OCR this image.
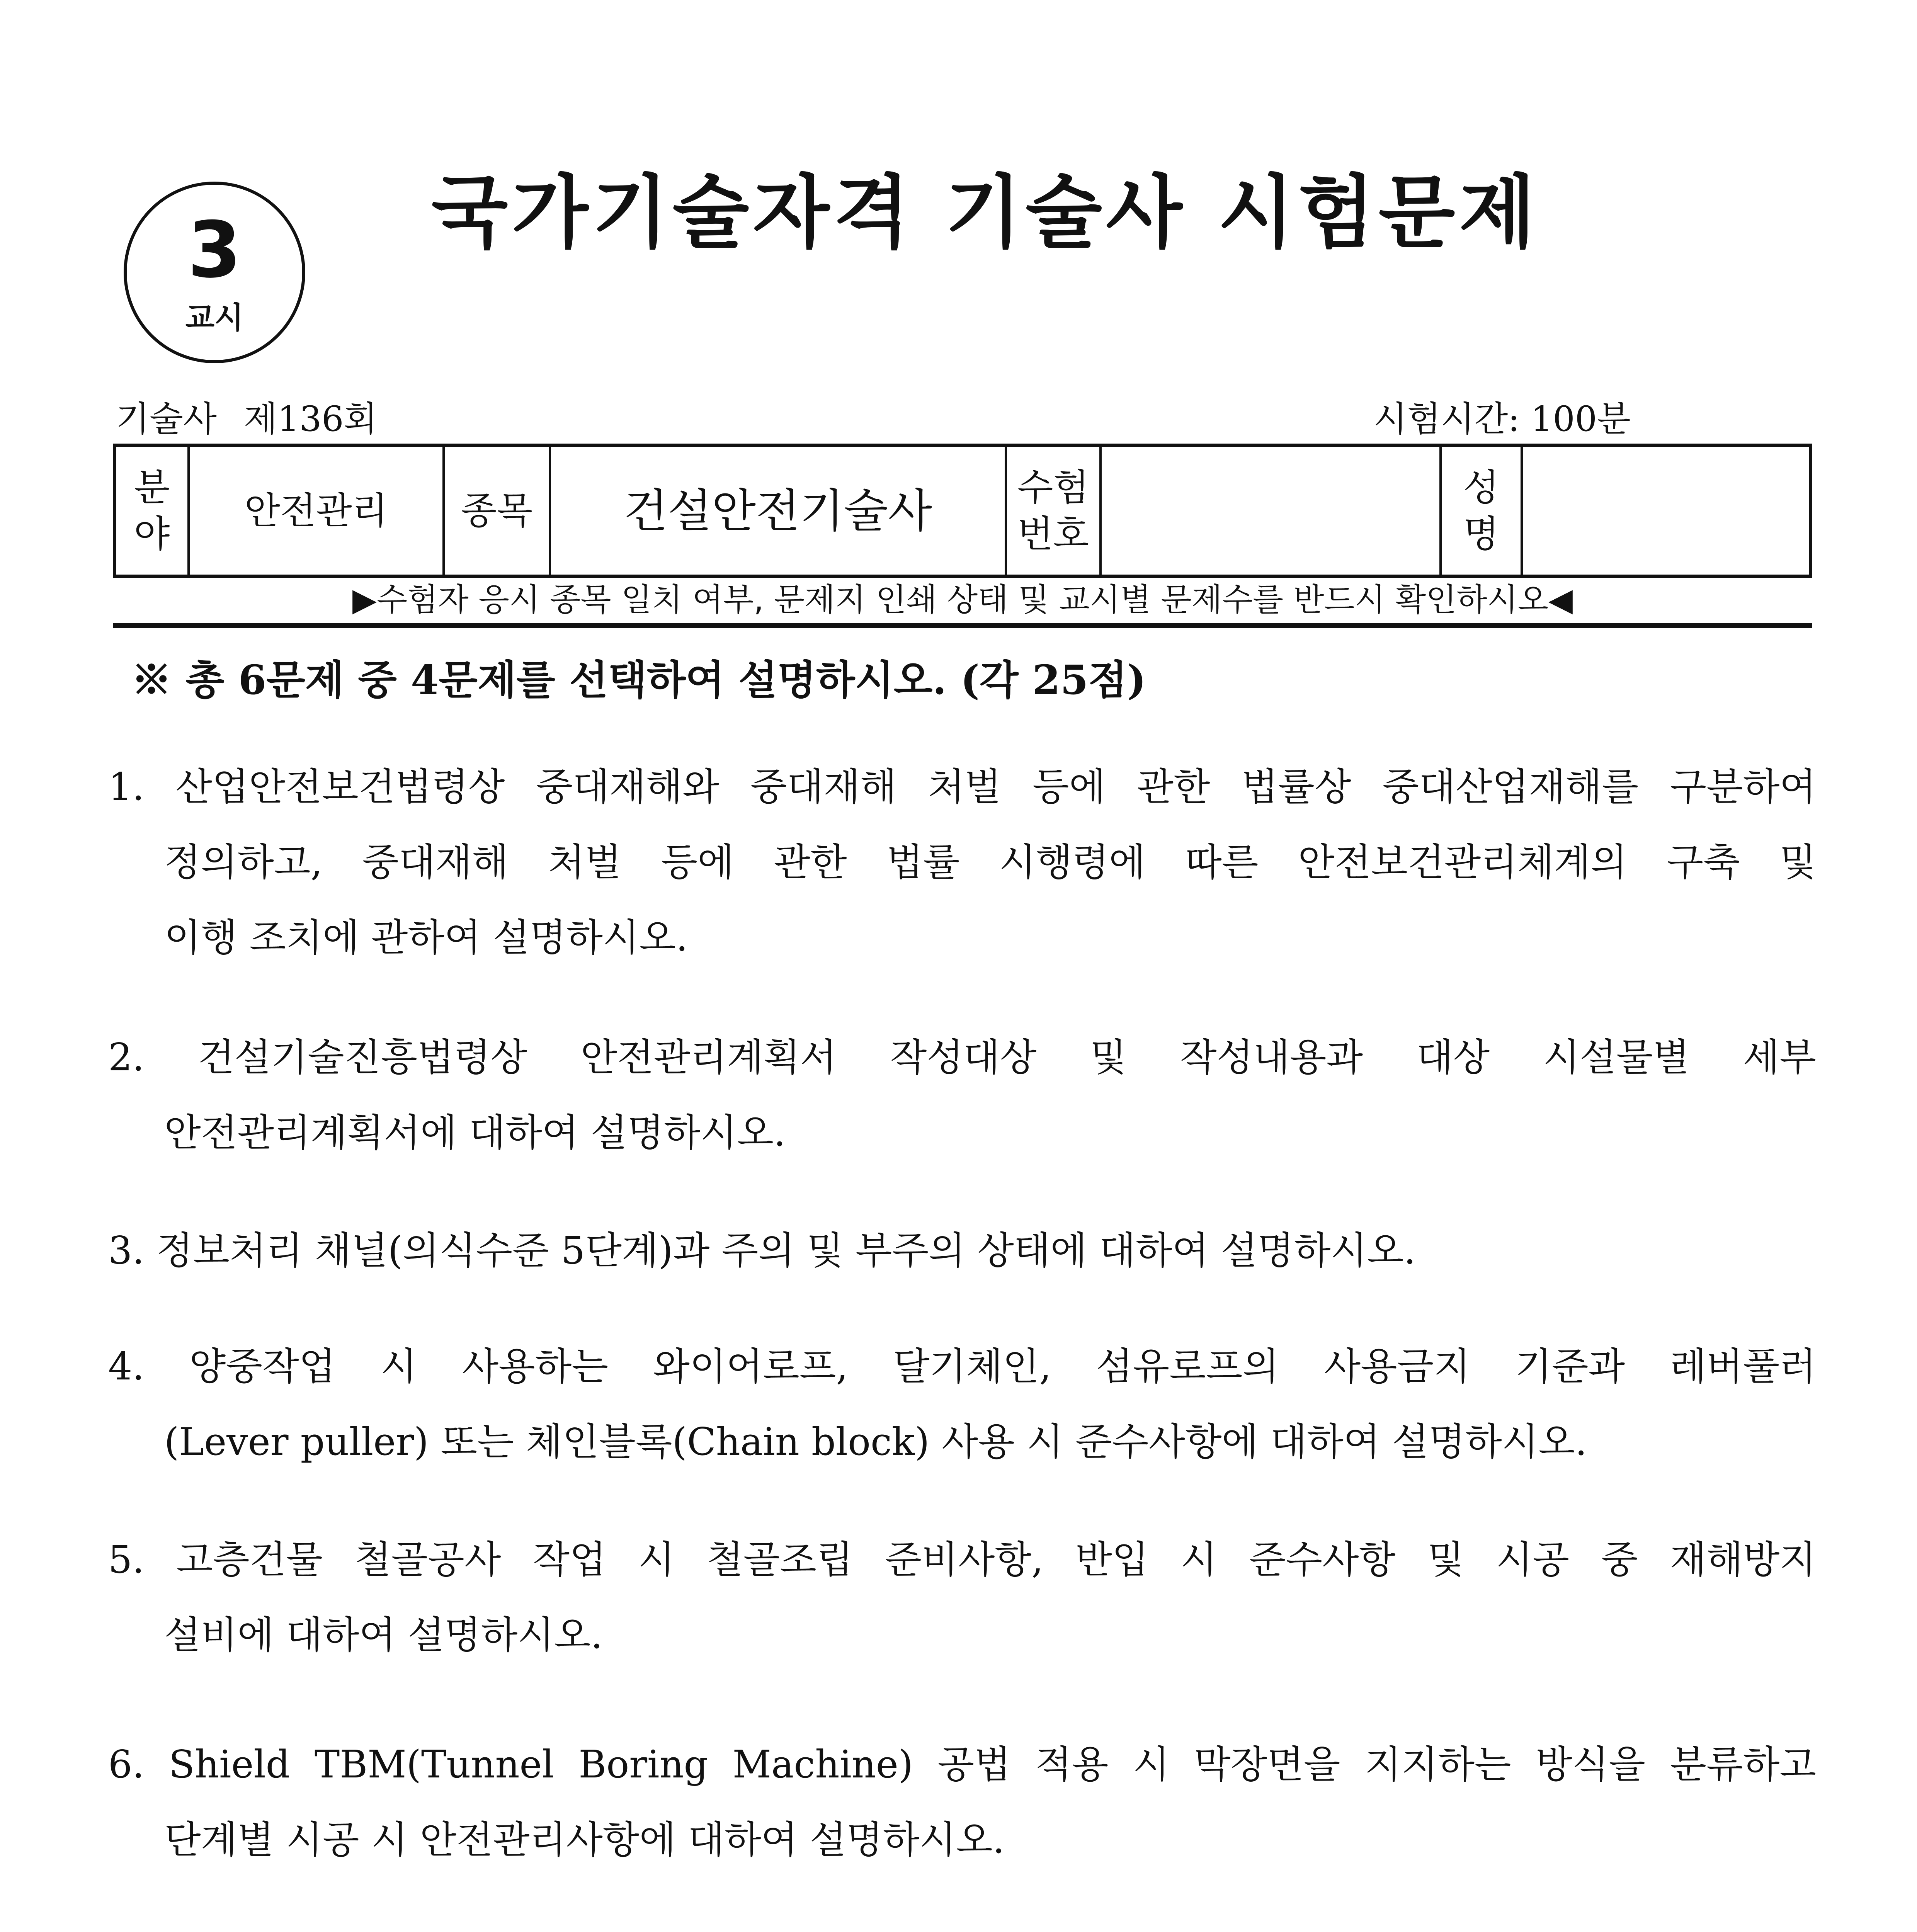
3
교시
국가기술자격 기술사 시험문제
기술사 제136회	시험시간: 100분
분
야
안전관리 종목 건설안전기술사 수험
번호
성
명
▶수험자 응시 종목 일치 여부, 문제지 인쇄 상태 및 교시별 문제수를 반드시 확인하시오◀
※ 총 6문제 중 4문제를 선택하여 설명하시오. (각 25점)
1. 산업안전보건법령상 중대재해와 중대재해 처벌 등에 관한 법률상 중대산업재해를 구분하여
정의하고, 중대재해 처벌 등에 관한 법률 시행령에 따른 안전보건관리체계의 구축 및
이행 조치에 관하여 설명하시오.
2. 건설기술진흥법령상 안전관리계획서 작성대상 및 작성내용과 대상 시설물별 세부
안전관리계획서에 대하여 설명하시오.
3. 정보처리 채널(의식수준 5단계)과 주의 및 부주의 상태에 대하여 설명하시오.
4. 양중작업 시 사용하는 와이어로프, 달기체인, 섬유로프의 사용금지 기준과 레버풀러
(Lever puller) 또는 체인블록(Chain block) 사용 시 준수사항에 대하여 설명하시오.
5. 고층건물 철골공사 작업 시 철골조립 준비사항, 반입 시 준수사항 및 시공 중 재해방지
설비에 대하여 설명하시오.
6. Shield TBM(Tunnel Boring Machine) 공법 적용 시 막장면을 지지하는 방식을 분류하고
단계별 시공 시 안전관리사항에 대하여 설명하시오.
